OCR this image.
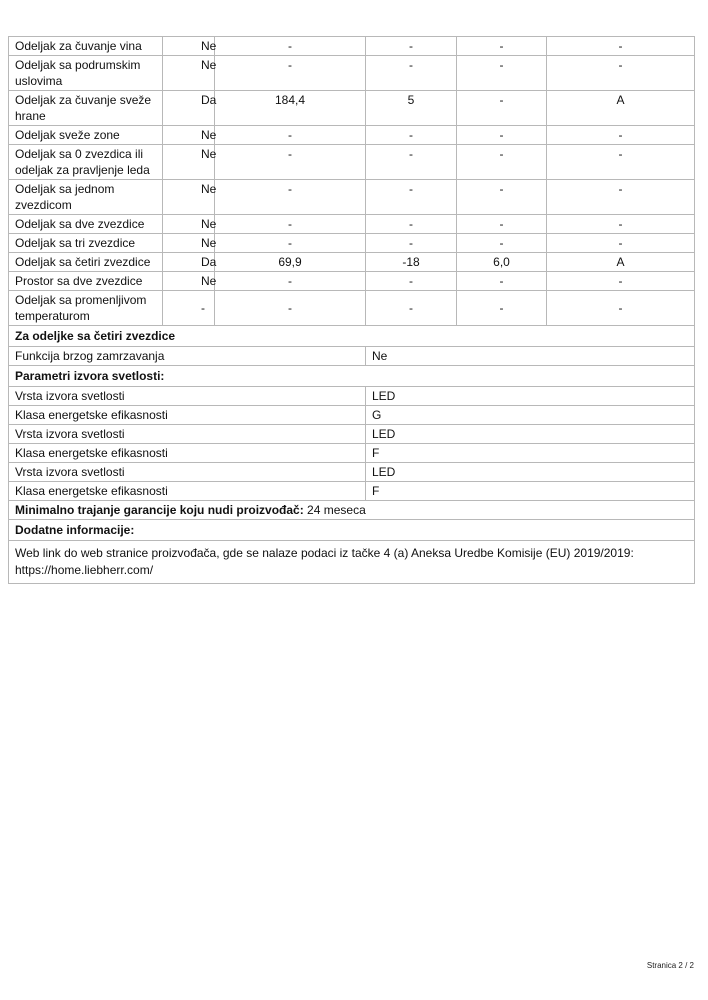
Odeljak za čuvanje vina	Ne	-	-	-	-
Odeljak sa podrumskim uslovima	Ne	-	-	-	-
Odeljak za čuvanje sveže hrane	Da	184,4	5	-	A
Odeljak sveže zone	Ne	-	-	-	-
Odeljak sa 0 zvezdica ili odeljak za pravljenje leda	Ne	-	-	-	-
Odeljak sa jednom zvezdicom	Ne	-	-	-	-
Odeljak sa dve zvezdice	Ne	-	-	-	-
Odeljak sa tri zvezdice	Ne	-	-	-	-
Odeljak sa četiri zvezdice	Da	69,9	-18	6,0	A
Prostor sa dve zvezdice	Ne	-	-	-	-
Odeljak sa promenljivom temperaturom	-	-	-	-	-
Za odeljke sa četiri zvezdice					
Funkcija brzog zamrzavanja			Ne		
Parametri izvora svetlosti:					
Vrsta izvora svetlosti			LED		
Klasa energetske efikasnosti			G		
Vrsta izvora svetlosti			LED		
Klasa energetske efikasnosti			F		
Vrsta izvora svetlosti			LED		
Klasa energetske efikasnosti			F		
Minimalno trajanje garancije koju nudi proizvođač: 24 meseca					
Dodatne informacije:					
Web link do web stranice proizvođača, gde se nalaze podaci iz tačke 4 (a) Aneksa Uredbe Komisije (EU) 2019/2019: https://home.liebherr.com/					
Stranica 2 / 2
